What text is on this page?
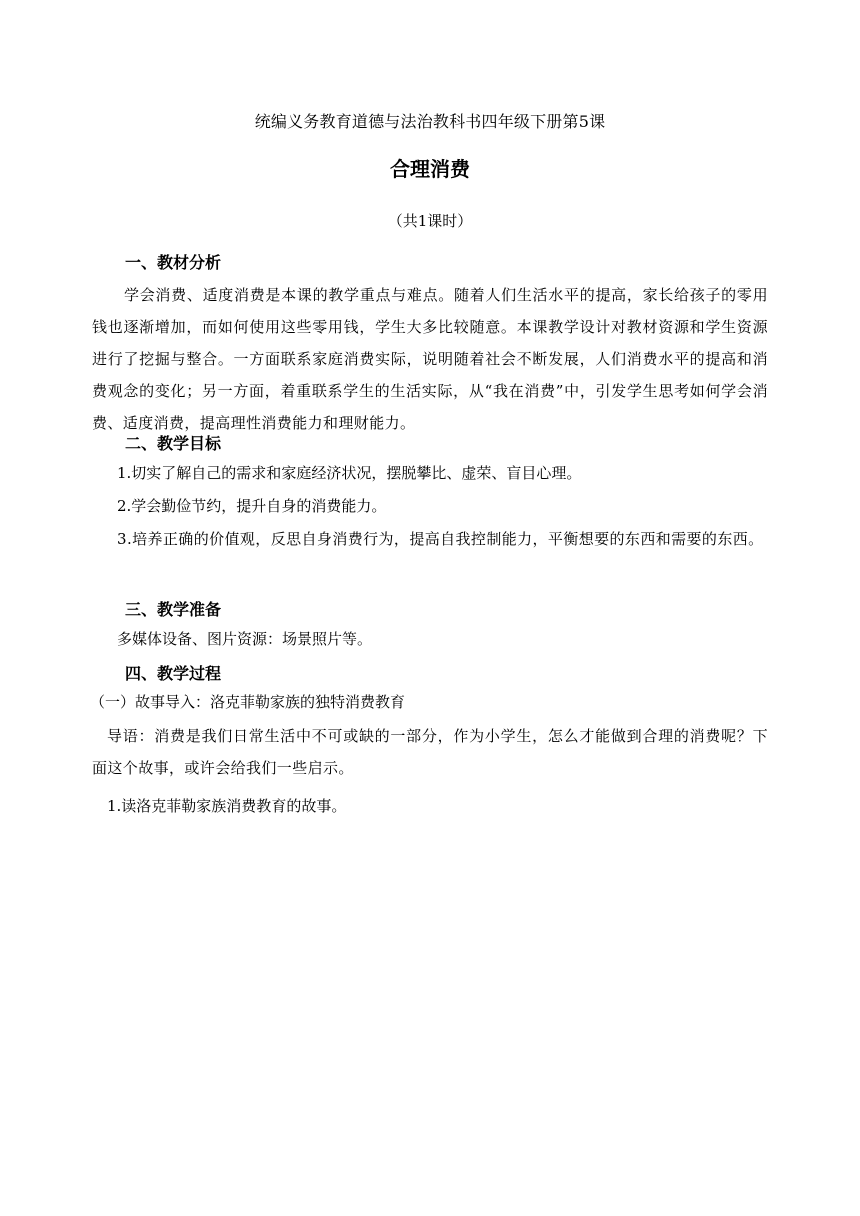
统编义务教育道德与法治教科书四年级下册第5课
合理消费
（共1课时）
一、教材分析
学会消费、适度消费是本课的教学重点与难点。随着人们生活水平的提高，家长给孩子的零用钱也逐渐增加，而如何使用这些零用钱，学生大多比较随意。本课教学设计对教材资源和学生资源进行了挖掘与整合。一方面联系家庭消费实际，说明随着社会不断发展，人们消费水平的提高和消费观念的变化；另一方面，着重联系学生的生活实际，从“我在消费”中，引发学生思考如何学会消费、适度消费，提高理性消费能力和理财能力。
二、教学目标
1.切实了解自己的需求和家庭经济状况，摆脱攀比、虚荣、盲目心理。
2.学会勤俭节约，提升自身的消费能力。
3.培养正确的价值观，反思自身消费行为，提高自我控制能力，平衡想要的东西和需要的东西。
三、教学准备
多媒体设备、图片资源：场景照片等。
四、教学过程
（一）故事导入：洛克菲勒家族的独特消费教育
导语：消费是我们日常生活中不可或缺的一部分，作为小学生，怎么才能做到合理的消费呢？下面这个故事，或许会给我们一些启示。
1.读洛克菲勒家族消费教育的故事。
